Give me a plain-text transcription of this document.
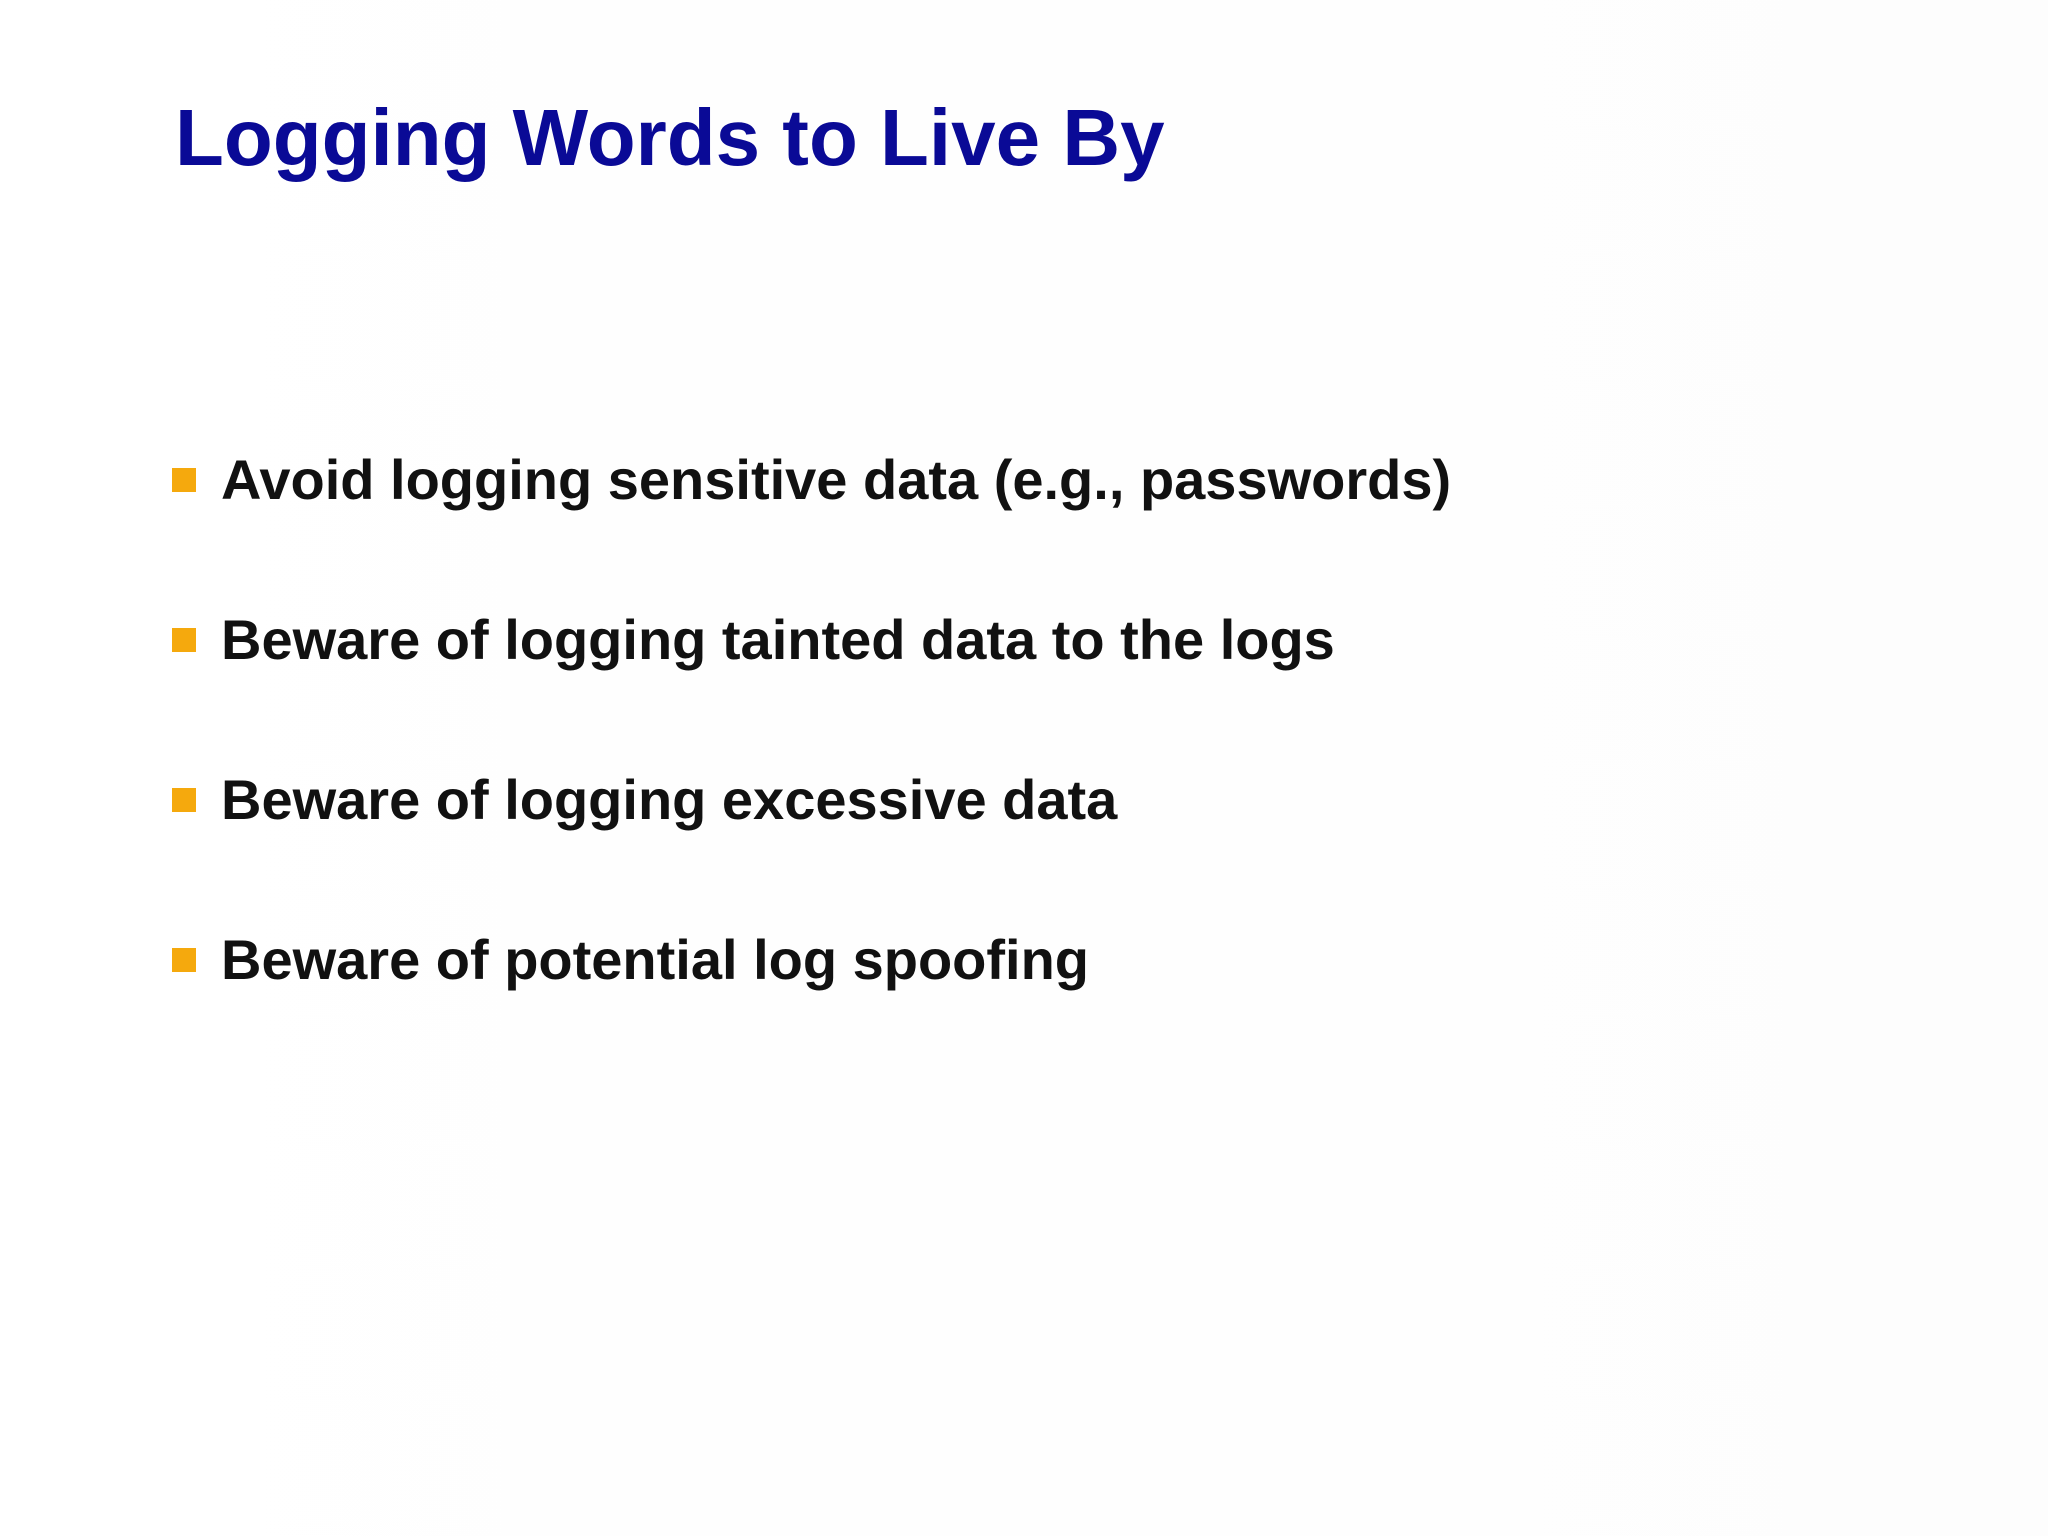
Logging Words to Live By
Avoid logging sensitive data (e.g., passwords)
Beware of logging tainted data to the logs
Beware of logging excessive data
Beware of potential log spoofing
